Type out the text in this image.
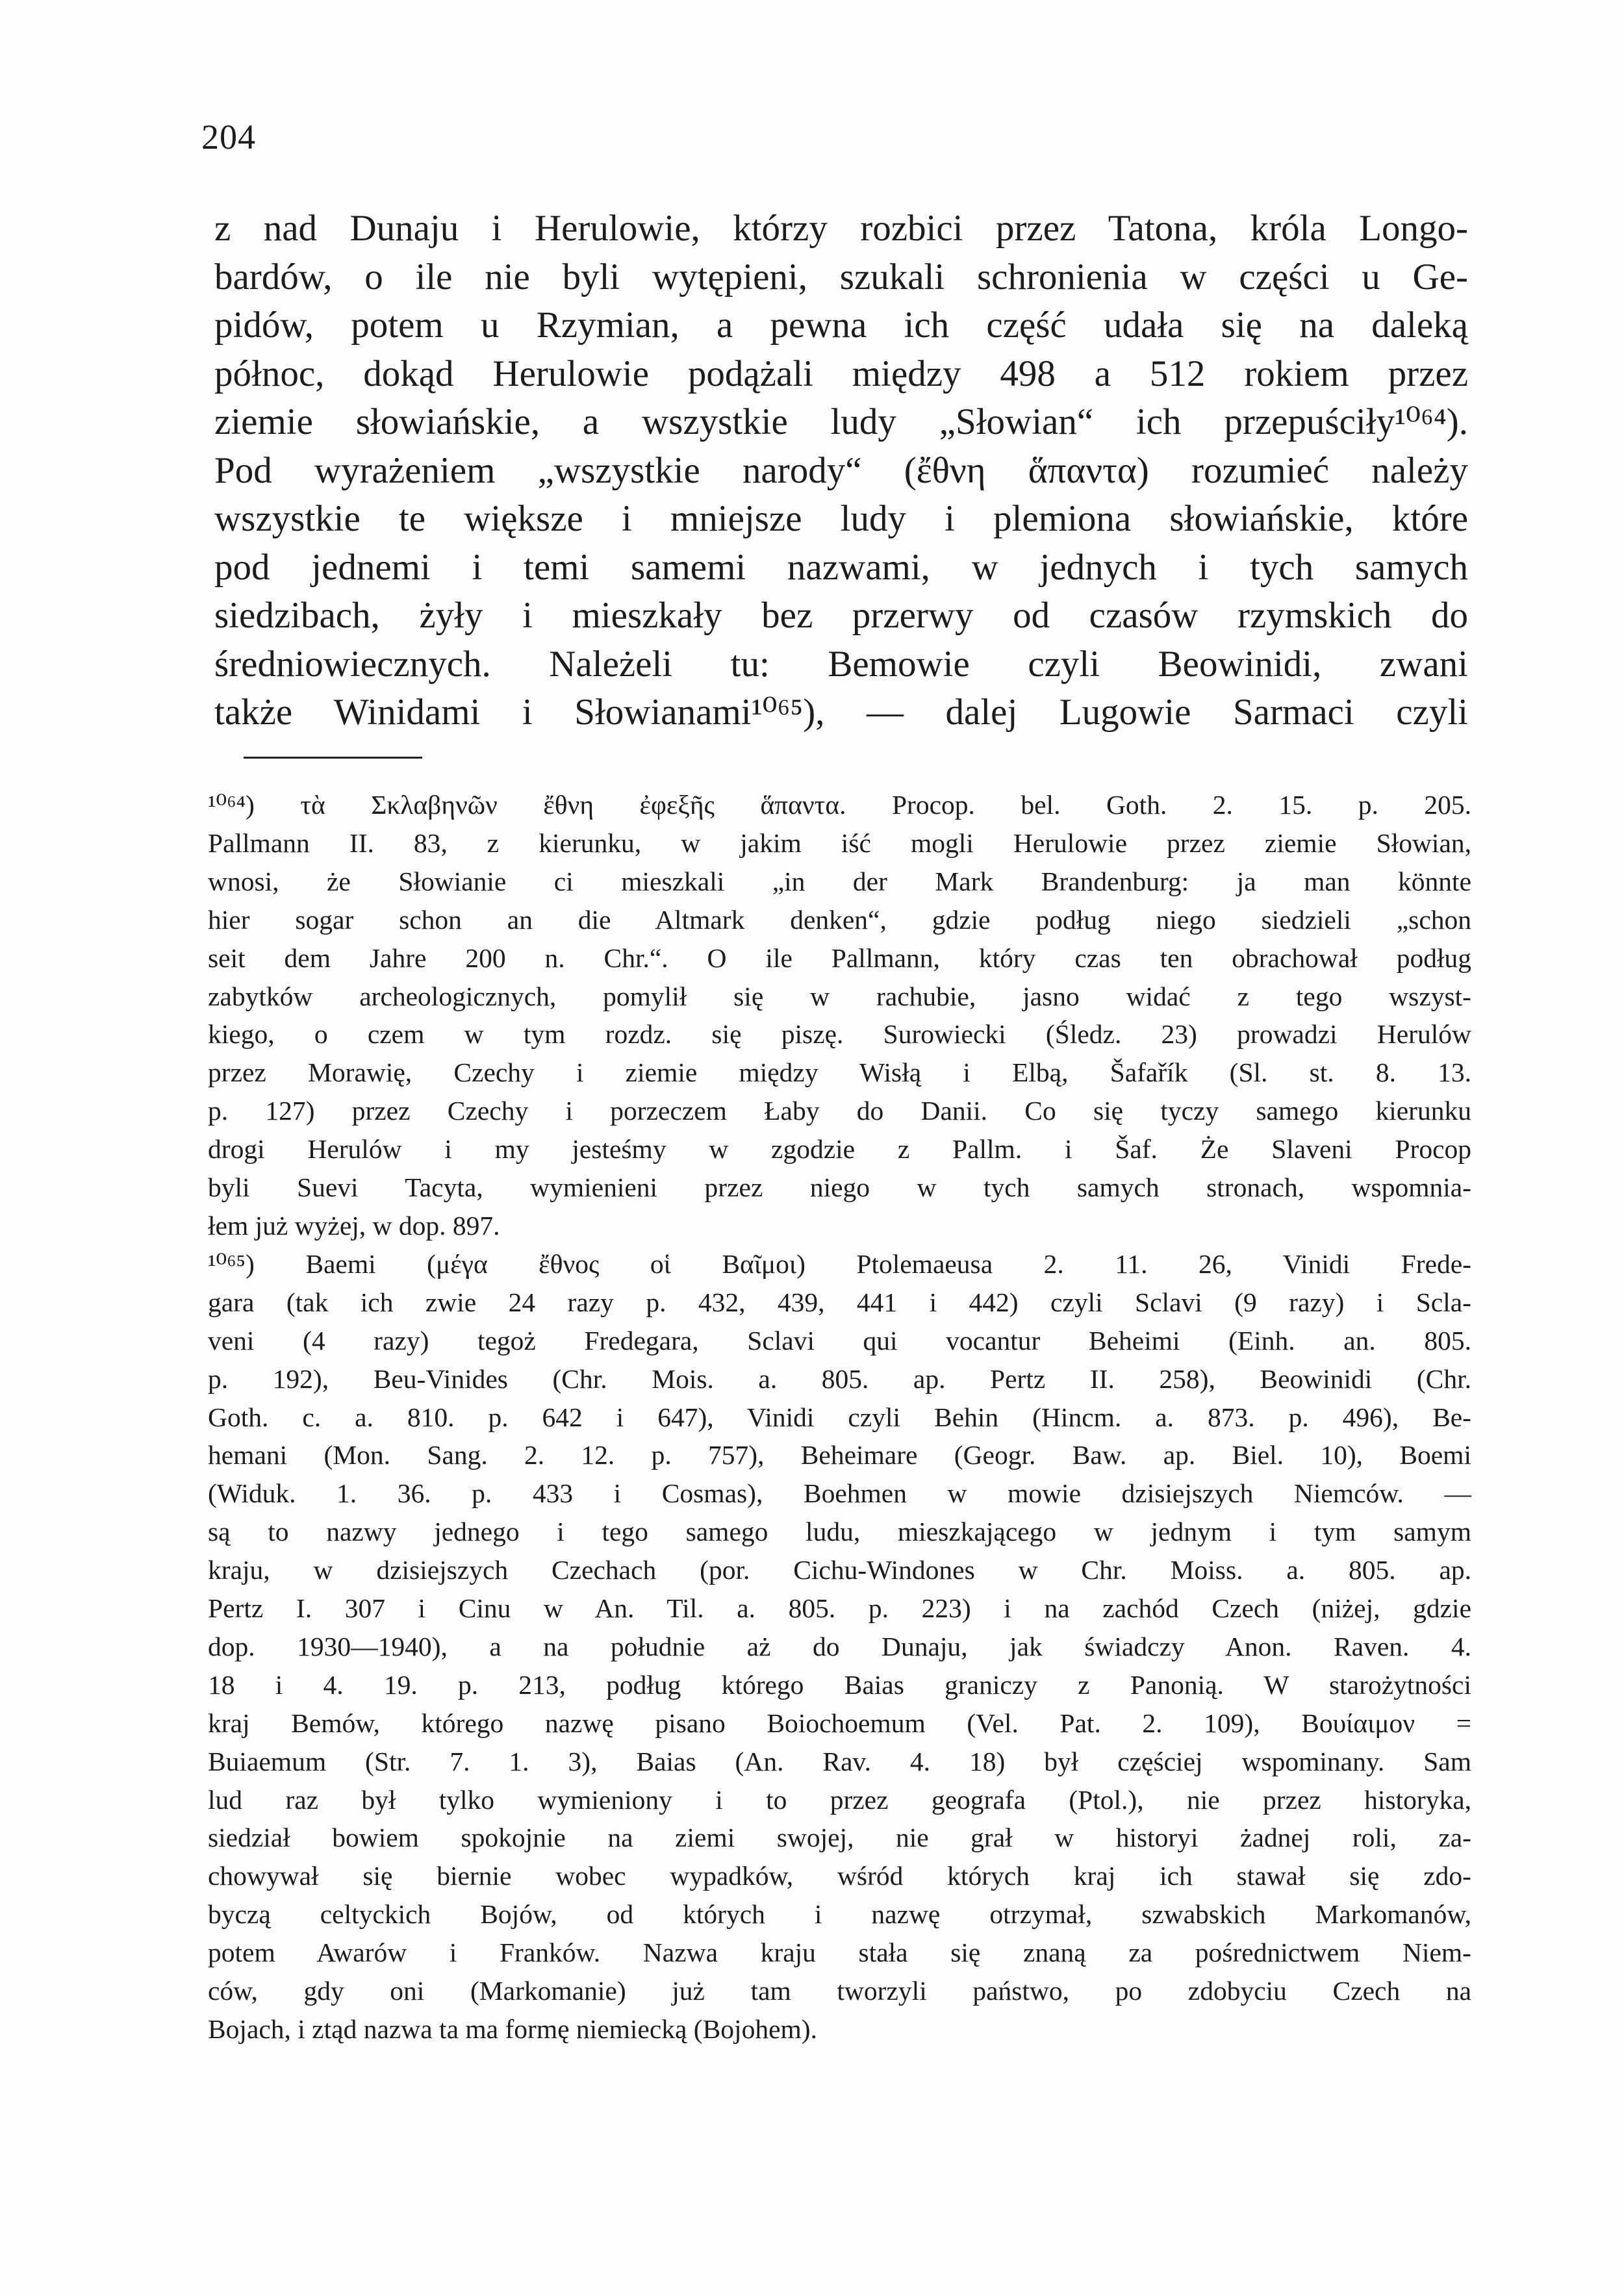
204
z nad Dunaju i Herulowie, którzy rozbici przez Tatona, króla Longo-
bardów, o ile nie byli wytępieni, szukali schronienia w części u Ge-
pidów, potem u Rzymian, a pewna ich część udała się na daleką
północ, dokąd Herulowie podążali między 498 a 512 rokiem przez
ziemie słowiańskie, a wszystkie ludy „Słowian“ ich przepuściły¹⁰⁶⁴).
Pod wyrażeniem „wszystkie narody“ (ἔθνη ἅπαντα) rozumieć należy
wszystkie te większe i mniejsze ludy i plemiona słowiańskie, które
pod jednemi i temi samemi nazwami, w jednych i tych samych
siedzibach, żyły i mieszkały bez przerwy od czasów rzymskich do
średniowiecznych. Należeli tu: Bemowie czyli Beowinidi, zwani
także Winidami i Słowianami¹⁰⁶⁵), — dalej Lugowie Sarmaci czyli
¹⁰⁶⁴) τὰ Σκλαβηνῶν ἔθνη ἐφεξῆς ἅπαντα. Procop. bel. Goth. 2. 15. p. 205.
Pallmann II. 83, z kierunku, w jakim iść mogli Herulowie przez ziemie Słowian,
wnosi, że Słowianie ci mieszkali „in der Mark Brandenburg: ja man könnte
hier sogar schon an die Altmark denken“, gdzie podług niego siedzieli „schon
seit dem Jahre 200 n. Chr.“. O ile Pallmann, który czas ten obrachował podług
zabytków archeologicznych, pomylił się w rachubie, jasno widać z tego wszyst-
kiego, o czem w tym rozdz. się piszę. Surowiecki (Śledz. 23) prowadzi Herulów
przez Morawię, Czechy i ziemie między Wisłą i Elbą, Šafařík (Sl. st. 8. 13.
p. 127) przez Czechy i porzeczem Łaby do Danii. Co się tyczy samego kierunku
drogi Herulów i my jesteśmy w zgodzie z Pallm. i Šaf. Że Slaveni Procop
byli Suevi Tacyta, wymienieni przez niego w tych samych stronach, wspomnia-
łem już wyżej, w dop. 897.
¹⁰⁶⁵) Baemi (μέγα ἔθνος οἱ Βαῖμοι) Ptolemaeusa 2. 11. 26, Vinidi Frede-
gara (tak ich zwie 24 razy p. 432, 439, 441 i 442) czyli Sclavi (9 razy) i Scla-
veni (4 razy) tegoż Fredegara, Sclavi qui vocantur Beheimi (Einh. an. 805.
p. 192), Beu-Vinides (Chr. Mois. a. 805. ap. Pertz II. 258), Beowinidi (Chr.
Goth. c. a. 810. p. 642 i 647), Vinidi czyli Behin (Hincm. a. 873. p. 496), Be-
hemani (Mon. Sang. 2. 12. p. 757), Beheimare (Geogr. Baw. ap. Biel. 10), Boemi
(Widuk. 1. 36. p. 433 i Cosmas), Boehmen w mowie dzisiejszych Niemców. —
są to nazwy jednego i tego samego ludu, mieszkającego w jednym i tym samym
kraju, w dzisiejszych Czechach (por. Cichu-Windones w Chr. Moiss. a. 805. ap.
Pertz I. 307 i Cinu w An. Til. a. 805. p. 223) i na zachód Czech (niżej, gdzie
dop. 1930—1940), a na południe aż do Dunaju, jak świadczy Anon. Raven. 4.
18 i 4. 19. p. 213, podług którego Baias graniczy z Panonią. W starożytności
kraj Bemów, którego nazwę pisano Boiochoemum (Vel. Pat. 2. 109), Βουίαιμον =
Buiaemum (Str. 7. 1. 3), Baias (An. Rav. 4. 18) był częściej wspominany. Sam
lud raz był tylko wymieniony i to przez geografa (Ptol.), nie przez historyka,
siedział bowiem spokojnie na ziemi swojej, nie grał w historyi żadnej roli, za-
chowywał się biernie wobec wypadków, wśród których kraj ich stawał się zdo-
byczą celtyckich Bojów, od których i nazwę otrzymał, szwabskich Markomanów,
potem Awarów i Franków. Nazwa kraju stała się znaną za pośrednictwem Niem-
ców, gdy oni (Markomanie) już tam tworzyli państwo, po zdobyciu Czech na
Bojach, i ztąd nazwa ta ma formę niemiecką (Bojohem).
